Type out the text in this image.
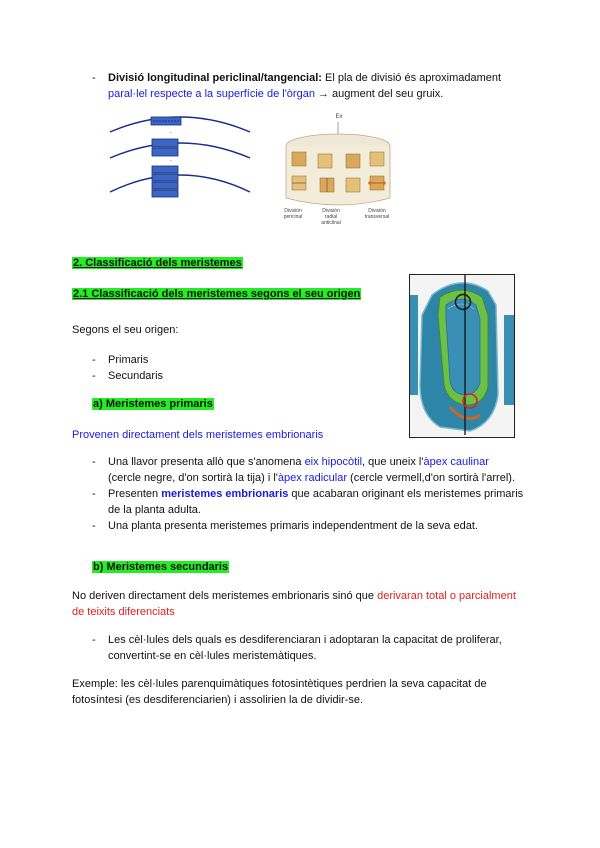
- Divisió longitudinal periclinal/tangencial: El pla de divisió és aproximadament
paral·lel respecte a la superfície de l'òrgan → augment del seu gruix.
-
-
Ex
División pericinal
División radial anticlinal
División transversal
2. Classificació dels meristemes
2.1 Classificació dels meristemes segons el seu origen
Segons el seu origen:
- Primaris
- Secundaris
a) Meristemes primaris
Provenen directament dels meristemes embrionaris
- Una llavor presenta allò que s'anomena eix hipocòtil, que uneix l'àpex caulinar
(cercle negre, d'on sortirà la tija) i l'àpex radicular (cercle vermell,d'on sortirà l'arrel).
- Presenten meristemes embrionaris que acabaran originant els meristemes primaris
de la planta adulta.
- Una planta presenta meristemes primaris independentment de la seva edat.
b) Meristemes secundaris
No deriven directament dels meristemes embrionaris sinó que derivaran total o parcialment
de teixits diferenciats
- Les cèl·lules dels quals es desdiferenciaran i adoptaran la capacitat de proliferar,
convertint-se en cèl·lules meristemàtiques.
Exemple: les cèl·lules parenquimàtiques fotosintètiques perdrien la seva capacitat de
fotosíntesi (es desdiferenciarien) i assolirien la de dividir-se.
